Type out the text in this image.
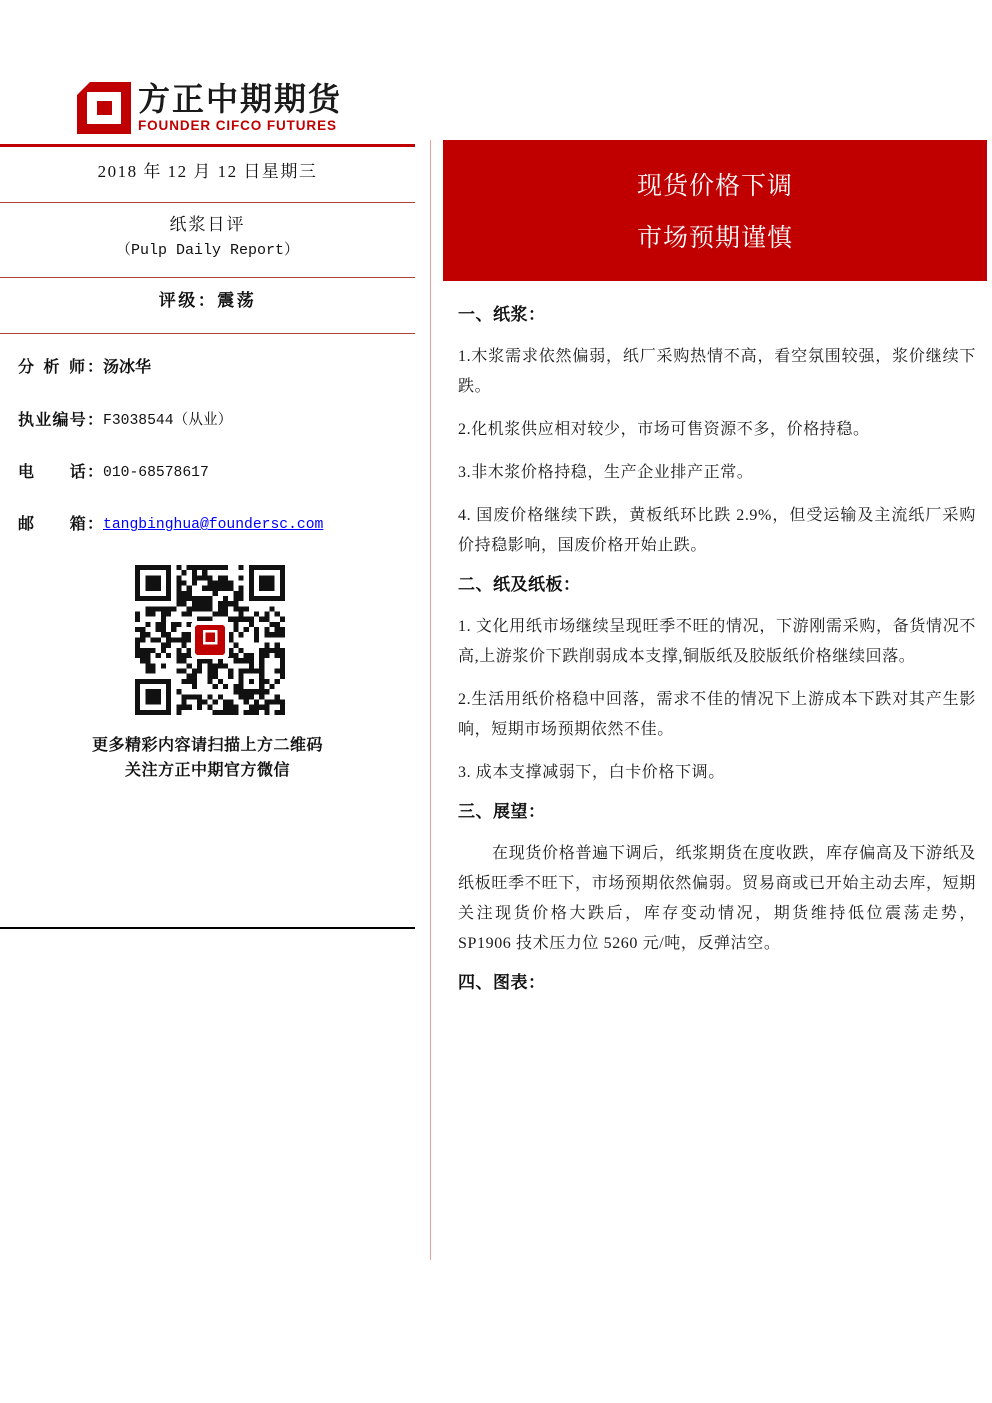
方正中期期货
FOUNDER CIFCO FUTURES
2018 年 12 月 12 日星期三
纸浆日评
（Pulp Daily Report）
评级：震荡
分 析 师：汤冰华
执业编号：F3038544（从业）
电　　话：010-68578617
邮　　箱：tangbinghua@foundersc.com
更多精彩内容请扫描上方二维码
关注方正中期官方微信
现货价格下调
市场预期谨慎
一、纸浆：

1.木浆需求依然偏弱，纸厂采购热情不高，看空氛围较强，浆价继续下跌。

2.化机浆供应相对较少，市场可售资源不多，价格持稳。

3.非木浆价格持稳，生产企业排产正常。

4. 国废价格继续下跌，黄板纸环比跌 2.9%，但受运输及主流纸厂采购价持稳影响，国废价格开始止跌。

二、纸及纸板：

1. 文化用纸市场继续呈现旺季不旺的情况，下游刚需采购，备货情况不高,上游浆价下跌削弱成本支撑,铜版纸及胶版纸价格继续回落。

2.生活用纸价格稳中回落，需求不佳的情况下上游成本下跌对其产生影响，短期市场预期依然不佳。

3. 成本支撑减弱下，白卡价格下调。

三、展望：

在现货价格普遍下调后，纸浆期货在度收跌，库存偏高及下游纸及纸板旺季不旺下，市场预期依然偏弱。贸易商或已开始主动去库，短期关注现货价格大跌后，库存变动情况，期货维持低位震荡走势，SP1906 技术压力位 5260 元/吨，反弹沽空。

四、图表：
